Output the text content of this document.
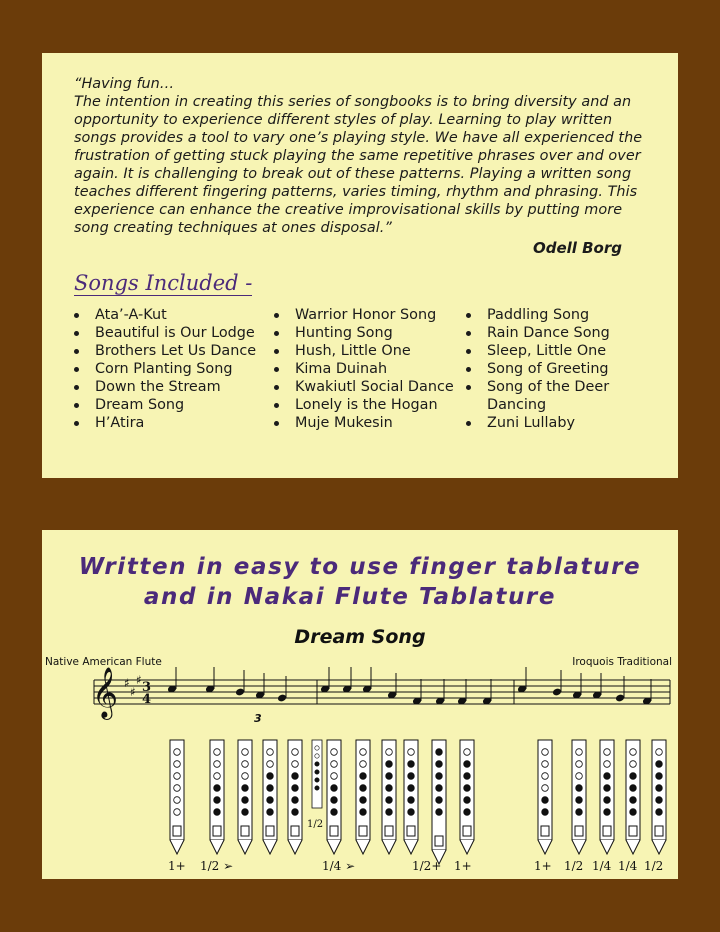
“Having fun…

The intention in creating this series of songbooks is to bring diversity and an opportunity to experience different styles of play. Learning to play written songs provides a tool to vary one’s playing style. We have all experienced the frustration of getting stuck playing the same repetitive phrases over and over again. It is challenging to break out of these patterns. Playing a written song teaches different fingering patterns, varies timing, rhythm and phrasing. This experience can enhance the creative improvisational skills by putting more song creating techniques at ones disposal.”

Odell Borg

Songs Included -
Ata’-A-Kut
Beautiful is Our Lodge
Brothers Let Us Dance
Corn Planting Song
Down the Stream
Dream Song
H’Atira
Warrior Honor Song
Hunting Song
Hush, Little One
Kima Duinah
Kwakiutl Social Dance
Lonely is the Hogan
Muje Mukesin
Paddling Song
Rain Dance Song
Sleep, Little One
Song of Greeting
Song of the Deer Dancing
Zuni Lullaby
Written in easy to use finger tablature
and in Nakai Flute Tablature
Dream Song
Native American Flute	Iroquois Traditional
𝄞 ♯
♯
♯ 3
4
3
1/2
1+ 1/2 ➢	1/4 ➢	1/2+ 1+	1+ 1/2 1/4 1/4 1/2
